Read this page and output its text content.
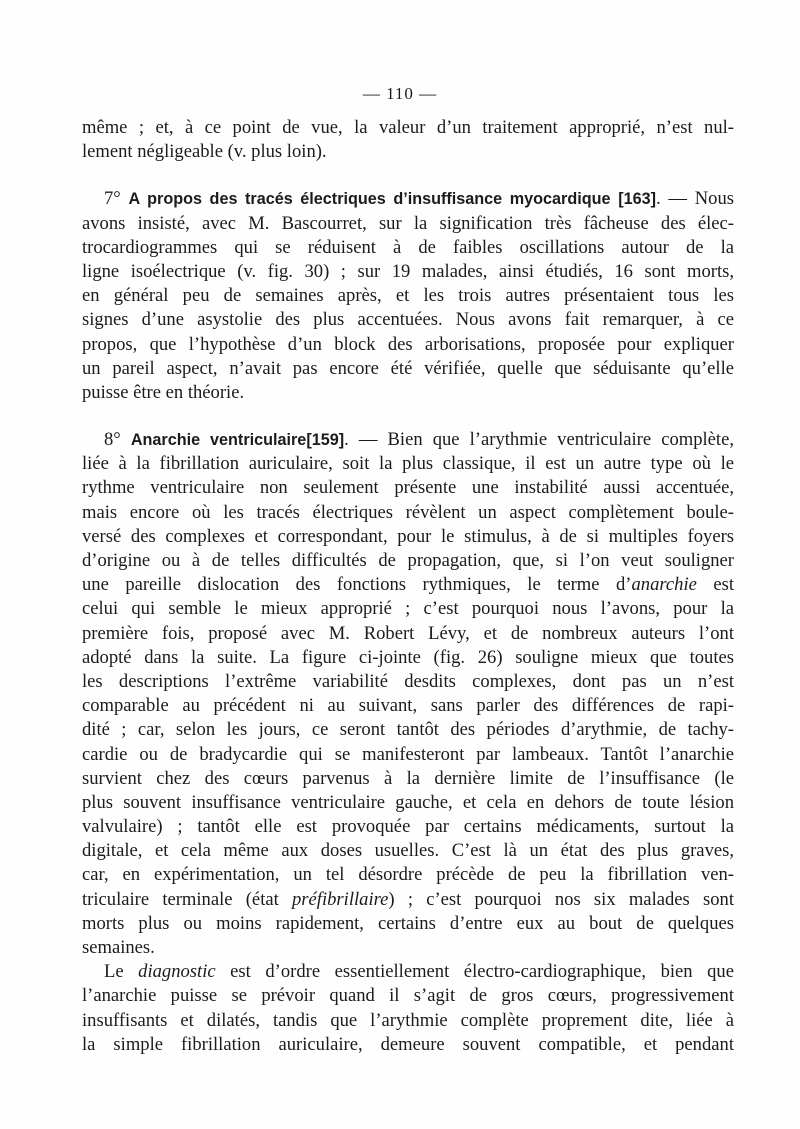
— 110 —
même ; et, à ce point de vue, la valeur d’un traitement approprié, n’est nul-
lement négligeable (v. plus loin).
7° A propos des tracés électriques d’insuffisance myocardique [163]. — Nous
avons insisté, avec M. Bascourret, sur la signification très fâcheuse des élec-
trocardiogrammes qui se réduisent à de faibles oscillations autour de la
ligne isoélectrique (v. fig. 30) ; sur 19 malades, ainsi étudiés, 16 sont morts,
en général peu de semaines après, et les trois autres présentaient tous les
signes d’une asystolie des plus accentuées. Nous avons fait remarquer, à ce
propos, que l’hypothèse d’un block des arborisations, proposée pour expliquer
un pareil aspect, n’avait pas encore été vérifiée, quelle que séduisante qu’elle
puisse être en théorie.
8° Anarchie ventriculaire[159]. — Bien que l’arythmie ventriculaire complète,
liée à la fibrillation auriculaire, soit la plus classique, il est un autre type où le
rythme ventriculaire non seulement présente une instabilité aussi accentuée,
mais encore où les tracés électriques révèlent un aspect complètement boule-
versé des complexes et correspondant, pour le stimulus, à de si multiples foyers
d’origine ou à de telles difficultés de propagation, que, si l’on veut souligner
une pareille dislocation des fonctions rythmiques, le terme d’anarchie est
celui qui semble le mieux approprié ; c’est pourquoi nous l’avons, pour la
première fois, proposé avec M. Robert Lévy, et de nombreux auteurs l’ont
adopté dans la suite. La figure ci-jointe (fig. 26) souligne mieux que toutes
les descriptions l’extrême variabilité desdits complexes, dont pas un n’est
comparable au précédent ni au suivant, sans parler des différences de rapi-
dité ; car, selon les jours, ce seront tantôt des périodes d’arythmie, de tachy-
cardie ou de bradycardie qui se manifesteront par lambeaux. Tantôt l’anarchie
survient chez des cœurs parvenus à la dernière limite de l’insuffisance (le
plus souvent insuffisance ventriculaire gauche, et cela en dehors de toute lésion
valvulaire) ; tantôt elle est provoquée par certains médicaments, surtout la
digitale, et cela même aux doses usuelles. C’est là un état des plus graves,
car, en expérimentation, un tel désordre précède de peu la fibrillation ven-
triculaire terminale (état préfibrillaire) ; c’est pourquoi nos six malades sont
morts plus ou moins rapidement, certains d’entre eux au bout de quelques
semaines.
Le diagnostic est d’ordre essentiellement électro-cardiographique, bien que
l’anarchie puisse se prévoir quand il s’agit de gros cœurs, progressivement
insuffisants et dilatés, tandis que l’arythmie complète proprement dite, liée à
la simple fibrillation auriculaire, demeure souvent compatible, et pendant
